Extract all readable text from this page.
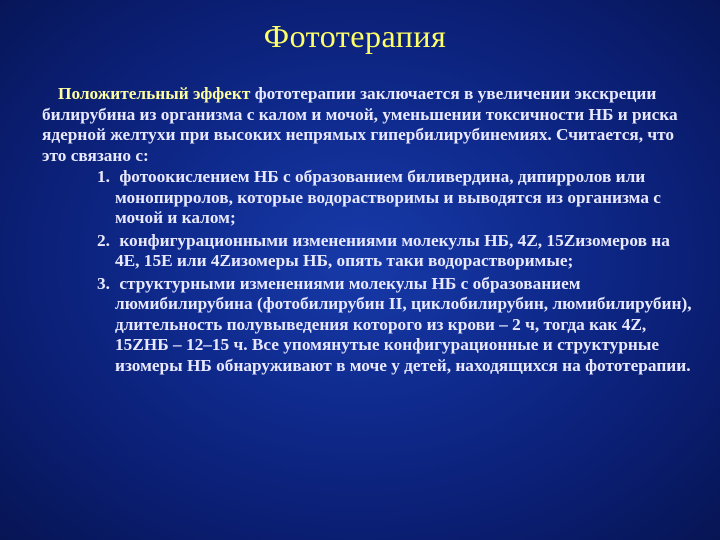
Фототерапия

Положительный эффект фототерапии заключается в увеличении экскреции билирубина из организма с калом и мочой, уменьшении токсичности НБ и риска ядерной желтухи при высоких непрямых гипербилирубинемиях. Считается, что это связано с:

1. фотоокислением НБ с образованием биливердина, дипирролов или монопирролов, которые водорастворимы и выводятся из организма с мочой и калом;
2. конфигурационными изменениями молекулы НБ, 4Z, 15Zизомеров на 4Е, 15Е или 4Zизомеры НБ, опять таки водорастворимые;
3. структурными изменениями молекулы НБ с образованием люмибилирубина (фотобилирубин II, циклобилирубин, люмибилирубин), длительность полувыведения которого из крови – 2 ч, тогда как 4Z, 15ZНБ – 12–15 ч. Все упомянутые конфигурационные и структурные изомеры НБ обнаруживают в моче у детей, находящихся на фототерапии.
